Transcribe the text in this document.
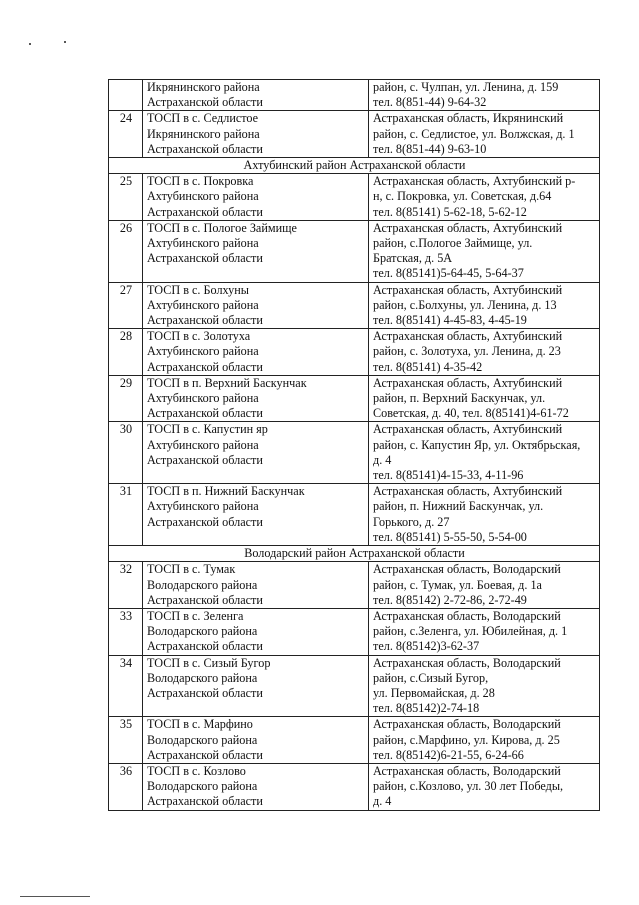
	Икрянинского района
Астраханской области	район, с. Чулпан, ул. Ленина, д. 159
тел. 8(851-44) 9-64-32

24	ТОСП в с. Седлистое
Икрянинского района
Астраханской области	Астраханская область, Икрянинский
район, с. Седлистое, ул. Волжская, д. 1
тел. 8(851-44) 9-63-10

Ахтубинский район Астраханской области		
25	ТОСП в с. Покровка
Ахтубинского района
Астраханской области	Астраханская область, Ахтубинский р-
н, с. Покровка, ул. Советская, д.64
тел. 8(85141) 5-62-18, 5-62-12

26	ТОСП в с. Пологое Займище
Ахтубинского района
Астраханской области	Астраханская область, Ахтубинский
район, с.Пологое Займище, ул.
Братская, д. 5А
тел. 8(85141)5-64-45, 5-64-37

27	ТОСП в с. Болхуны
Ахтубинского района
Астраханской области	Астраханская область, Ахтубинский
район, с.Болхуны, ул. Ленина, д. 13
тел. 8(85141) 4-45-83, 4-45-19

28	ТОСП в с. Золотуха
Ахтубинского района
Астраханской области	Астраханская область, Ахтубинский
район, с. Золотуха, ул. Ленина, д. 23
тел. 8(85141) 4-35-42

29	ТОСП в п. Верхний Баскунчак
Ахтубинского района
Астраханской области	Астраханская область, Ахтубинский
район, п. Верхний Баскунчак, ул.
Советская, д. 40, тел. 8(85141)4-61-72

30	ТОСП в с. Капустин яр
Ахтубинского района
Астраханской области	Астраханская область, Ахтубинский
район, с. Капустин Яр, ул. Октябрьская,
д. 4
тел. 8(85141)4-15-33, 4-11-96

31	ТОСП в п. Нижний Баскунчак
Ахтубинского района
Астраханской области	Астраханская область, Ахтубинский
район, п. Нижний Баскунчак, ул.
Горького, д. 27
тел. 8(85141) 5-55-50, 5-54-00

Володарский район Астраханской области		
32	ТОСП в с. Тумак
Володарского района
Астраханской области	Астраханская область, Володарский
район, с. Тумак, ул. Боевая, д. 1а
тел. 8(85142) 2-72-86, 2-72-49

33	ТОСП в с. Зеленга
Володарского района
Астраханской области	Астраханская область, Володарский
район, с.Зеленга, ул. Юбилейная, д. 1
тел. 8(85142)3-62-37

34	ТОСП в с. Сизый Бугор
Володарского района
Астраханской области	Астраханская область, Володарский
район, с.Сизый Бугор,
ул. Первомайская, д. 28
тел. 8(85142)2-74-18

35	ТОСП в с. Марфино
Володарского района
Астраханской области	Астраханская область, Володарский
район, с.Марфино, ул. Кирова, д. 25
тел. 8(85142)6-21-55, 6-24-66

36	ТОСП в с. Козлово
Володарского района
Астраханской области	Астраханская область, Володарский
район, с.Козлово, ул. 30 лет Победы,
д. 4
